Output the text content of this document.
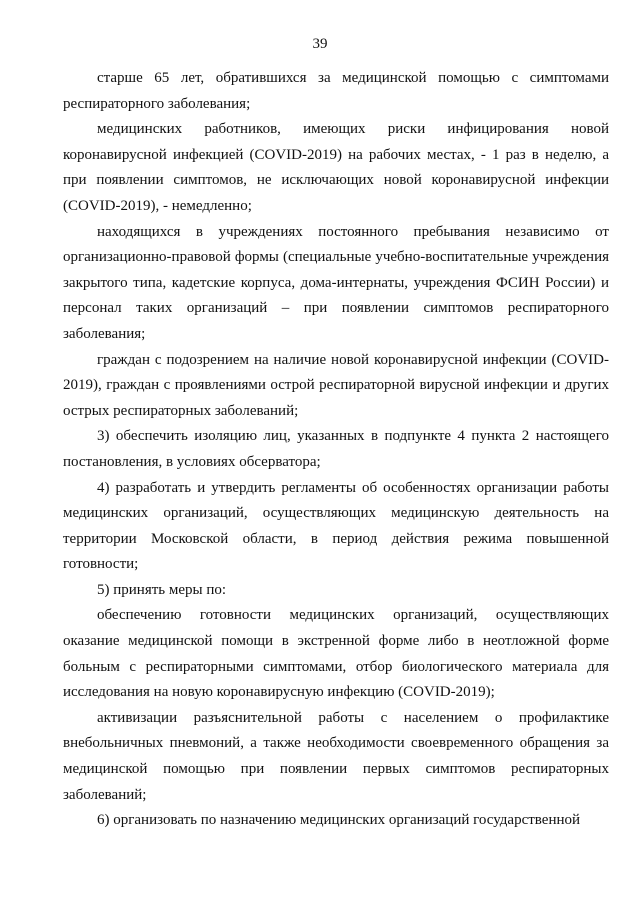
39

старше 65 лет, обратившихся за медицинской помощью с симптомами респираторного заболевания;

медицинских работников, имеющих риски инфицирования новой коронавирусной инфекцией (COVID-2019) на рабочих местах, - 1 раз в неделю, а при появлении симптомов, не исключающих новой коронавирусной инфекции (COVID-2019), - немедленно;

находящихся в учреждениях постоянного пребывания независимо от организационно-правовой формы (специальные учебно-воспитательные учреждения закрытого типа, кадетские корпуса, дома-интернаты, учреждения ФСИН России) и персонал таких организаций – при появлении симптомов респираторного заболевания;

граждан с подозрением на наличие новой коронавирусной инфекции (COVID-2019), граждан с проявлениями острой респираторной вирусной инфекции и других острых респираторных заболеваний;

3) обеспечить изоляцию лиц, указанных в подпункте 4 пункта 2 настоящего постановления, в условиях обсерватора;

4) разработать и утвердить регламенты об особенностях организации работы медицинских организаций, осуществляющих медицинскую деятельность на территории Московской области, в период действия режима повышенной готовности;

5) принять меры по:

обеспечению готовности медицинских организаций, осуществляющих оказание медицинской помощи в экстренной форме либо в неотложной форме больным с респираторными симптомами, отбор биологического материала для исследования на новую коронавирусную инфекцию (COVID-2019);

активизации разъяснительной работы с населением о профилактике внебольничных пневмоний, а также необходимости своевременного обращения за медицинской помощью при появлении первых симптомов респираторных заболеваний;

6) организовать по назначению медицинских организаций государственной
